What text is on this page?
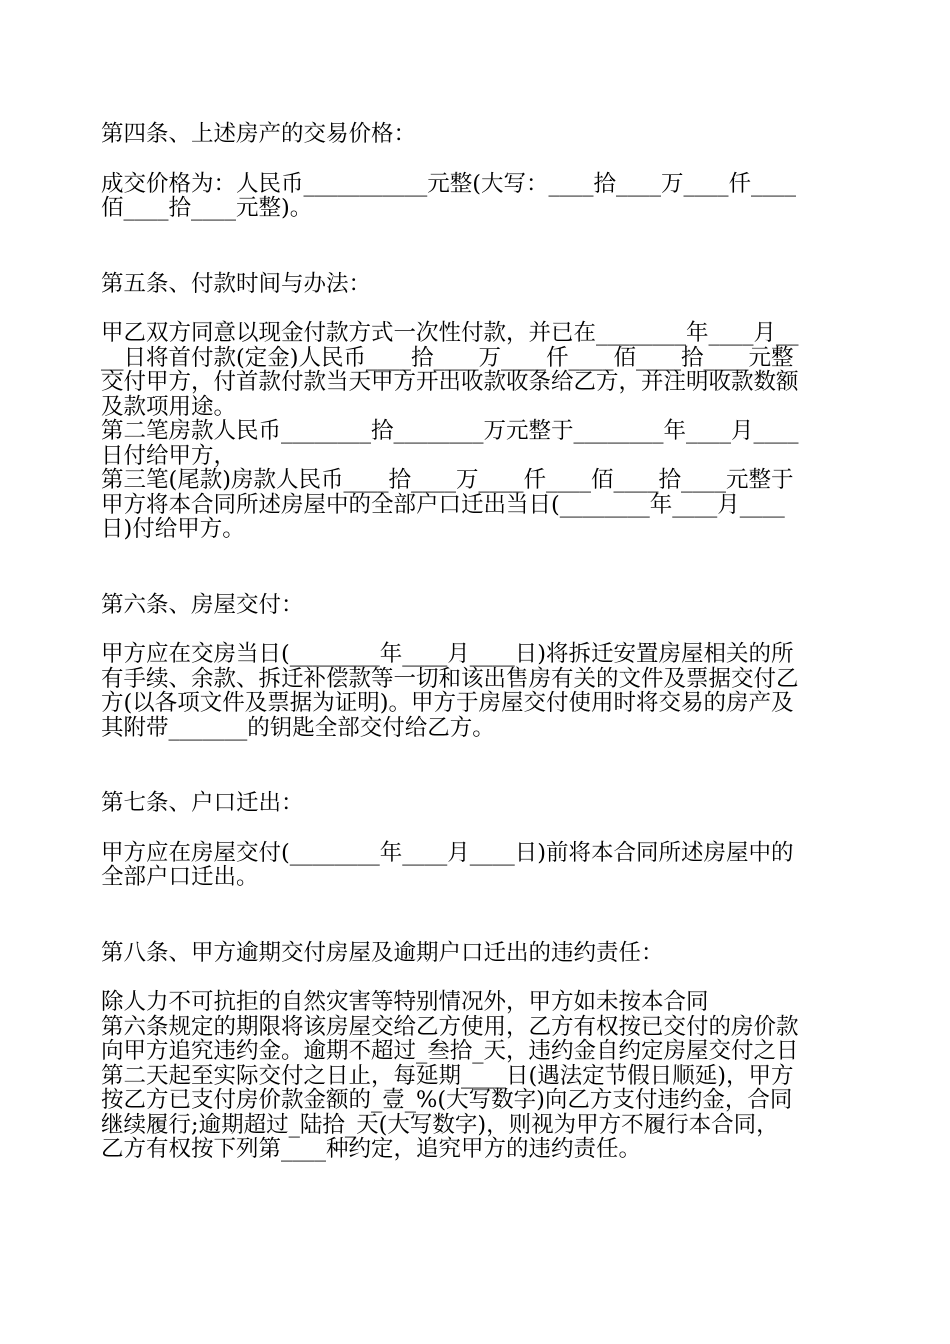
第四条、上述房产的交易价格：
成交价格为：人民币___________元整(大写：____拾____万____仟____
佰____拾____元整)。
第五条、付款时间与办法：
甲乙双方同意以现金付款方式一次性付款，并已在________年____月__
__日将首付款(定金)人民币____拾____万____仟____佰____拾____元整
交付甲方，付首款付款当天甲方开出收款收条给乙方，并注明收款数额
及款项用途。
第二笔房款人民币________拾________万元整于________年____月____
日付给甲方，
第三笔(尾款)房款人民币____拾____万____仟____佰____拾____元整于
甲方将本合同所述房屋中的全部户口迁出当日(________年____月____
日)付给甲方。
第六条、房屋交付：
甲方应在交房当日(________年____月____日)将拆迁安置房屋相关的所
有手续、余款、拆迁补偿款等一切和该出售房有关的文件及票据交付乙
方(以各项文件及票据为证明)。甲方于房屋交付使用时将交易的房产及
其附带_______的钥匙全部交付给乙方。
第七条、户口迁出：
甲方应在房屋交付(________年____月____日)前将本合同所述房屋中的
全部户口迁出。
第八条、甲方逾期交付房屋及逾期户口迁出的违约责任：
除人力不可抗拒的自然灾害等特别情况外，甲方如未按本合同
第六条规定的期限将该房屋交给乙方使用，乙方有权按已交付的房价款
向甲方追究违约金。逾期不超过_叁拾_天，违约金自约定房屋交付之日
第二天起至实际交付之日止，每延期____日(遇法定节假日顺延)，甲方
按乙方已支付房价款金额的_壹_%(大写数字)向乙方支付违约金，合同
继续履行;逾期超过_陆拾_天(大写数字)，则视为甲方不履行本合同，
乙方有权按下列第____种约定，追究甲方的违约责任。
